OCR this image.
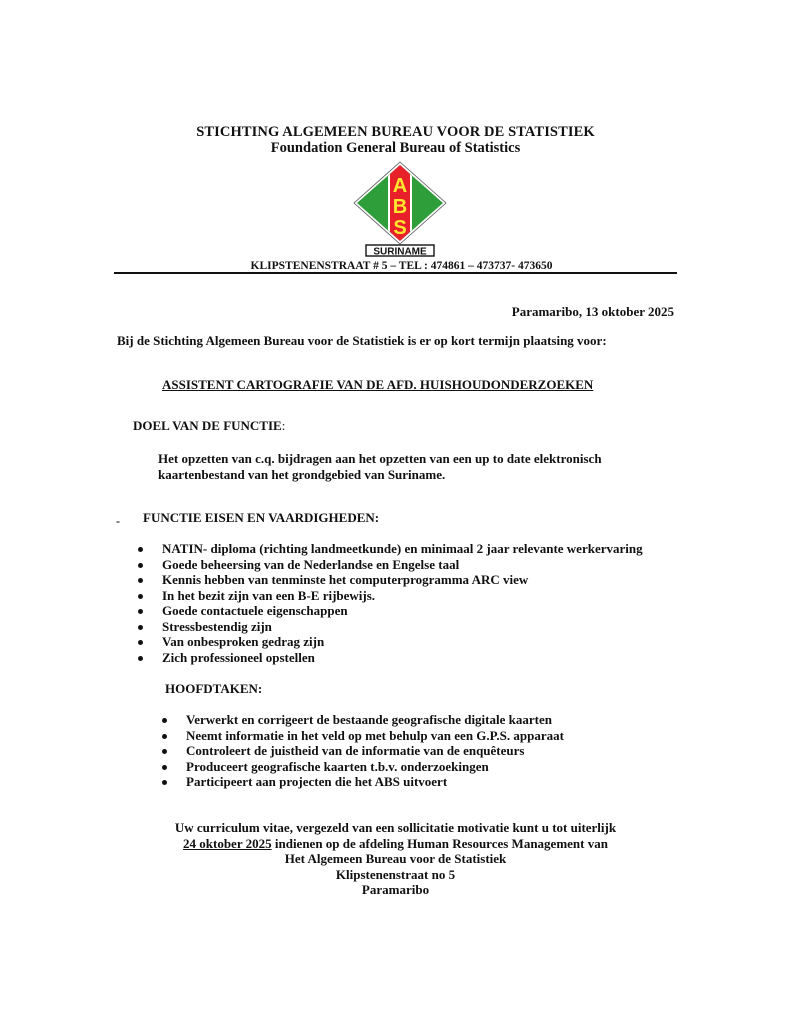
STICHTING ALGEMEEN BUREAU VOOR DE STATISTIEK
Foundation General Bureau of Statistics
A
B
S
SURINAME
KLIPSTENENSTRAAT # 5 – TEL : 474861 – 473737- 473650
Paramaribo, 13 oktober 2025
Bij de Stichting Algemeen Bureau voor de Statistiek is er op kort termijn plaatsing voor:
ASSISTENT CARTOGRAFIE VAN DE AFD. HUISHOUDONDERZOEKEN
DOEL VAN DE FUNCTIE:
Het opzetten van c.q. bijdragen aan het opzetten van een up to date elektronisch kaartenbestand van het grondgebied van Suriname.
- FUNCTIE EISEN EN VAARDIGHEDEN:
NATIN- diploma (richting landmeetkunde) en minimaal 2 jaar relevante werkervaring
Goede beheersing van de Nederlandse en Engelse taal
Kennis hebben van tenminste het computerprogramma ARC view
In het bezit zijn van een B-E rijbewijs.
Goede contactuele eigenschappen
Stressbestendig zijn
Van onbesproken gedrag zijn
Zich professioneel opstellen
HOOFDTAKEN:
Verwerkt en corrigeert de bestaande geografische digitale kaarten
Neemt informatie in het veld op met behulp van een G.P.S. apparaat
Controleert de juistheid van de informatie van de enquêteurs
Produceert geografische kaarten t.b.v. onderzoekingen
Participeert aan projecten die het ABS uitvoert
Uw curriculum vitae, vergezeld van een sollicitatie motivatie kunt u tot uiterlijk
24 oktober 2025 indienen op de afdeling Human Resources Management van
Het Algemeen Bureau voor de Statistiek
Klipstenenstraat no 5
Paramaribo
